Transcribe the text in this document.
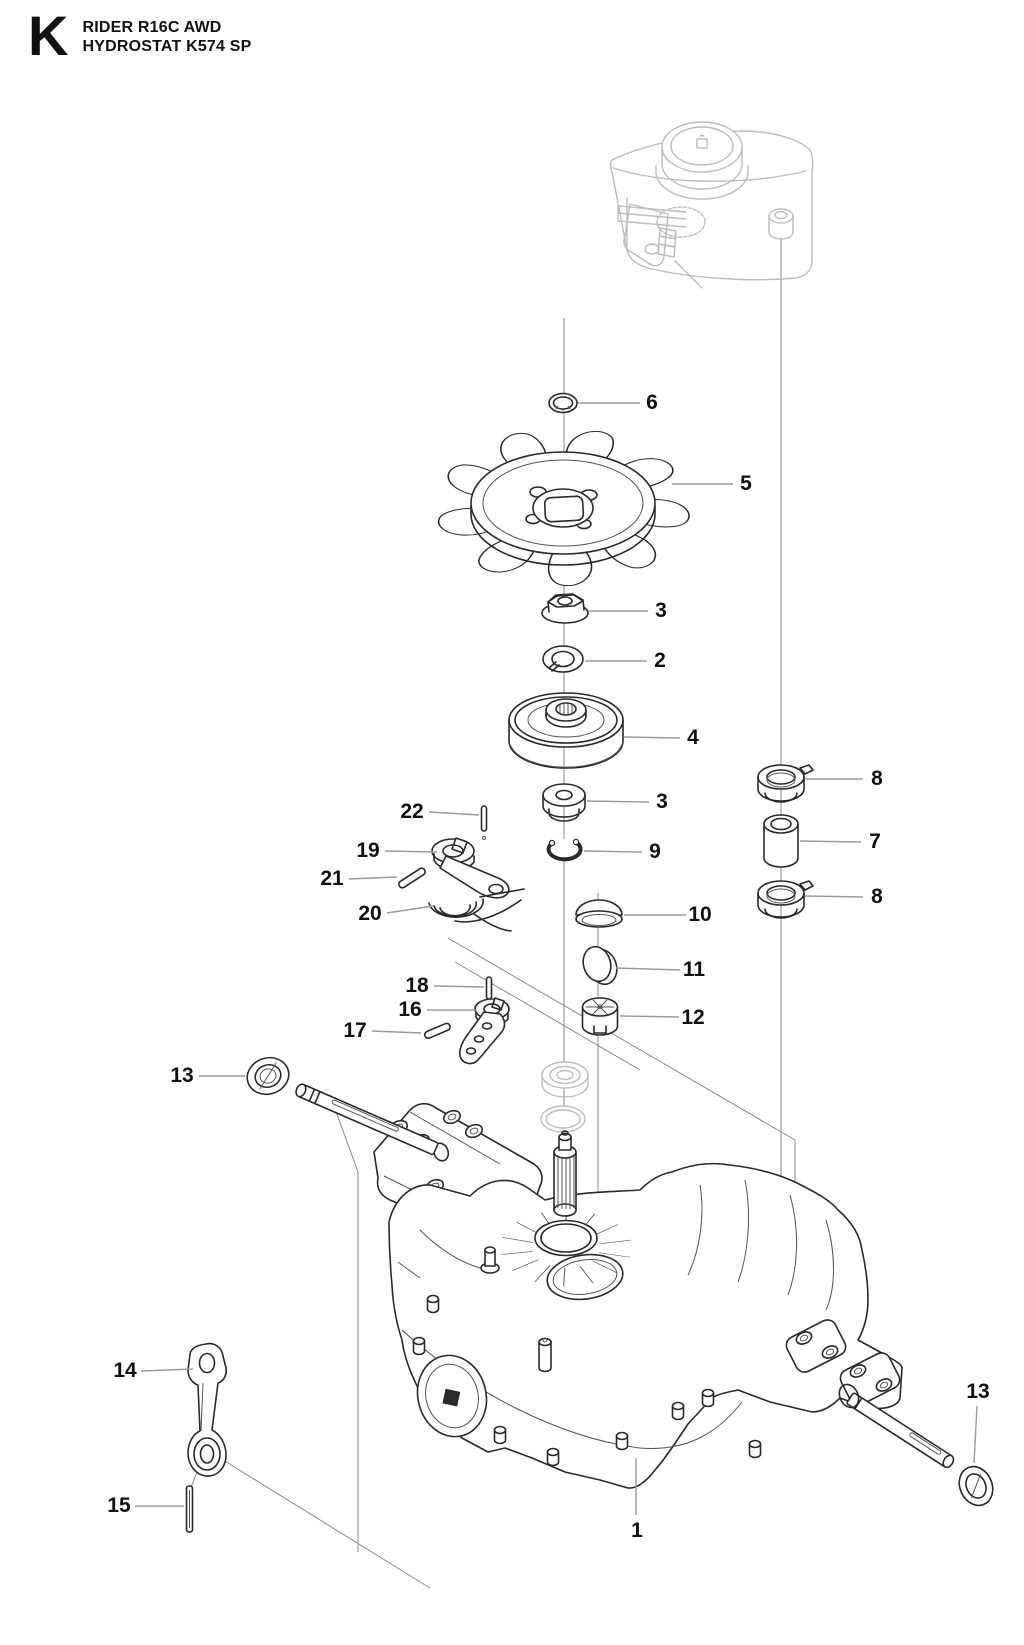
K RIDER R16C AWD
HYDROSTAT K574 SP
6
5
3
2
4
3
9
10
11
12
8
7
8
22
19
21
20
18
16
17
13
14
15
1
13
